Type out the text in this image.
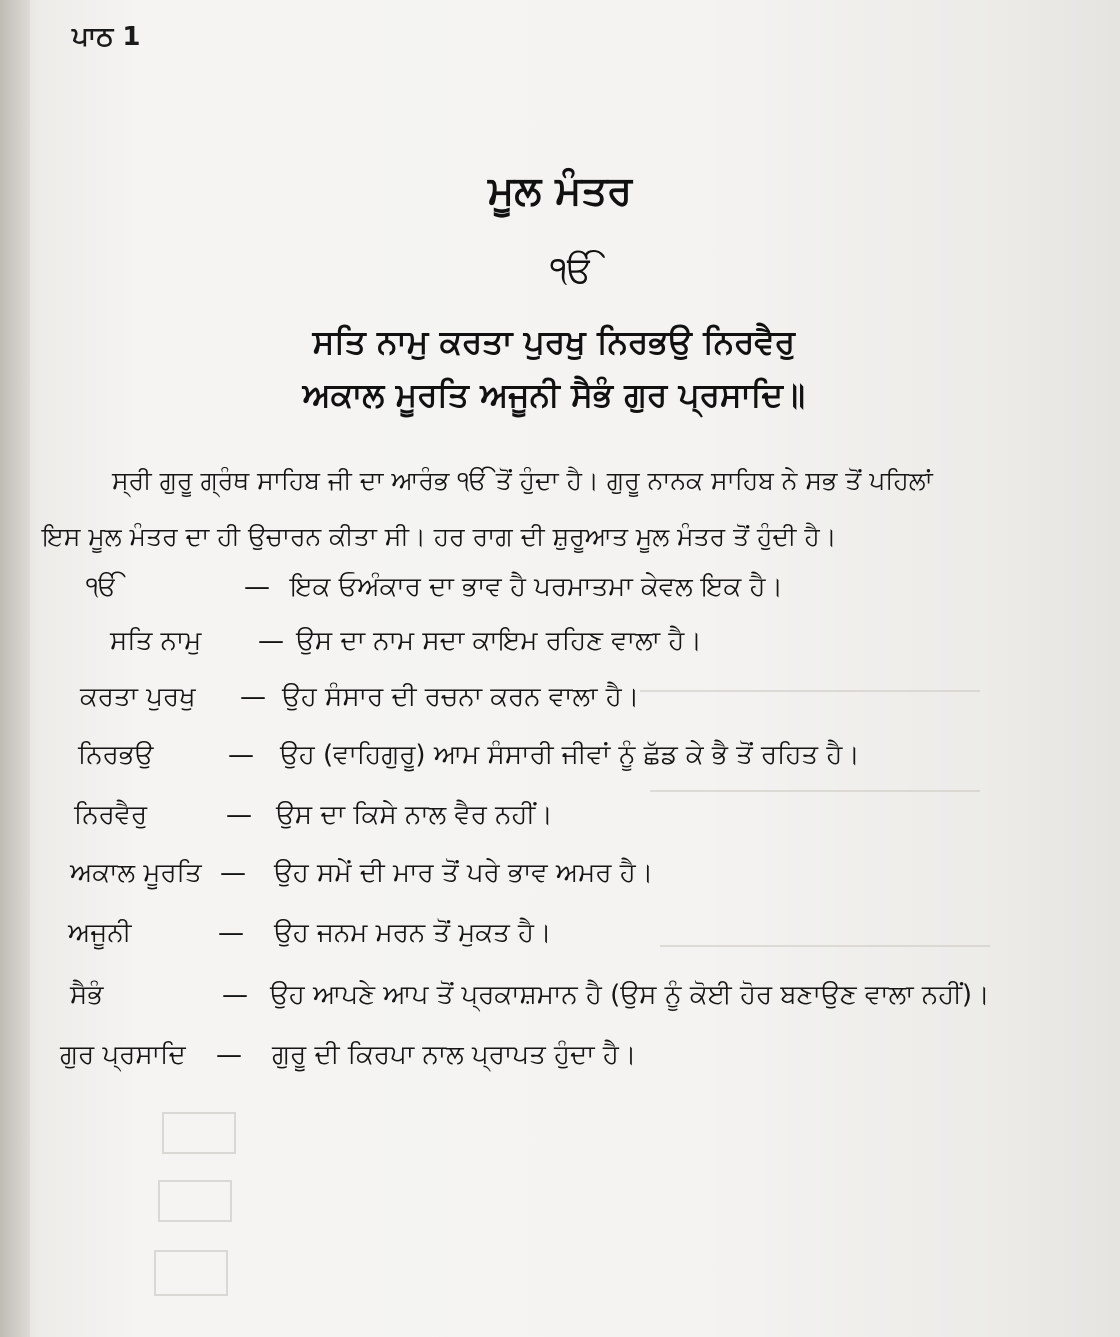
ਪਾਠ 1
ਮੂਲ ਮੰਤਰ
ੴ
ਸਤਿ ਨਾਮੁ ਕਰਤਾ ਪੁਰਖੁ ਨਿਰਭਉ ਨਿਰਵੈਰੁ
ਅਕਾਲ ਮੂਰਤਿ ਅਜੂਨੀ ਸੈਭੰ ਗੁਰ ਪ੍ਰਸਾਦਿ॥
ਸ੍ਰੀ ਗੁਰੂ ਗ੍ਰੰਥ ਸਾਹਿਬ ਜੀ ਦਾ ਆਰੰਭ ੴ ਤੋਂ ਹੁੰਦਾ ਹੈ। ਗੁਰੂ ਨਾਨਕ ਸਾਹਿਬ ਨੇ ਸਭ ਤੋਂ ਪਹਿਲਾਂ
ਇਸ ਮੂਲ ਮੰਤਰ ਦਾ ਹੀ ਉਚਾਰਨ ਕੀਤਾ ਸੀ। ਹਰ ਰਾਗ ਦੀ ਸ਼ੁਰੂਆਤ ਮੂਲ ਮੰਤਰ ਤੋਂ ਹੁੰਦੀ ਹੈ।
ੴ	— ਇਕ ਓਅੰਕਾਰ ਦਾ ਭਾਵ ਹੈ ਪਰਮਾਤਮਾ ਕੇਵਲ ਇਕ ਹੈ।
ਸਤਿ ਨਾਮੁ — ਉਸ ਦਾ ਨਾਮ ਸਦਾ ਕਾਇਮ ਰਹਿਣ ਵਾਲਾ ਹੈ।
ਕਰਤਾ ਪੁਰਖੁ — ਉਹ ਸੰਸਾਰ ਦੀ ਰਚਨਾ ਕਰਨ ਵਾਲਾ ਹੈ।
ਨਿਰਭਉ	— ਉਹ (ਵਾਹਿਗੁਰੂ) ਆਮ ਸੰਸਾਰੀ ਜੀਵਾਂ ਨੂੰ ਛੱਡ ਕੇ ਭੈ ਤੋਂ ਰਹਿਤ ਹੈ।
ਨਿਰਵੈਰੁ	— ਉਸ ਦਾ ਕਿਸੇ ਨਾਲ ਵੈਰ ਨਹੀਂ।
ਅਕਾਲ ਮੂਰਤਿ — ਉਹ ਸਮੇਂ ਦੀ ਮਾਰ ਤੋਂ ਪਰੇ ਭਾਵ ਅਮਰ ਹੈ।
ਅਜੂਨੀ	— ਉਹ ਜਨਮ ਮਰਨ ਤੋਂ ਮੁਕਤ ਹੈ।
ਸੈਭੰ	— ਉਹ ਆਪਣੇ ਆਪ ਤੋਂ ਪ੍ਰਕਾਸ਼ਮਾਨ ਹੈ (ਉਸ ਨੂੰ ਕੋਈ ਹੋਰ ਬਣਾਉਣ ਵਾਲਾ ਨਹੀਂ)।
ਗੁਰ ਪ੍ਰਸਾਦਿ — ਗੁਰੂ ਦੀ ਕਿਰਪਾ ਨਾਲ ਪ੍ਰਾਪਤ ਹੁੰਦਾ ਹੈ।
